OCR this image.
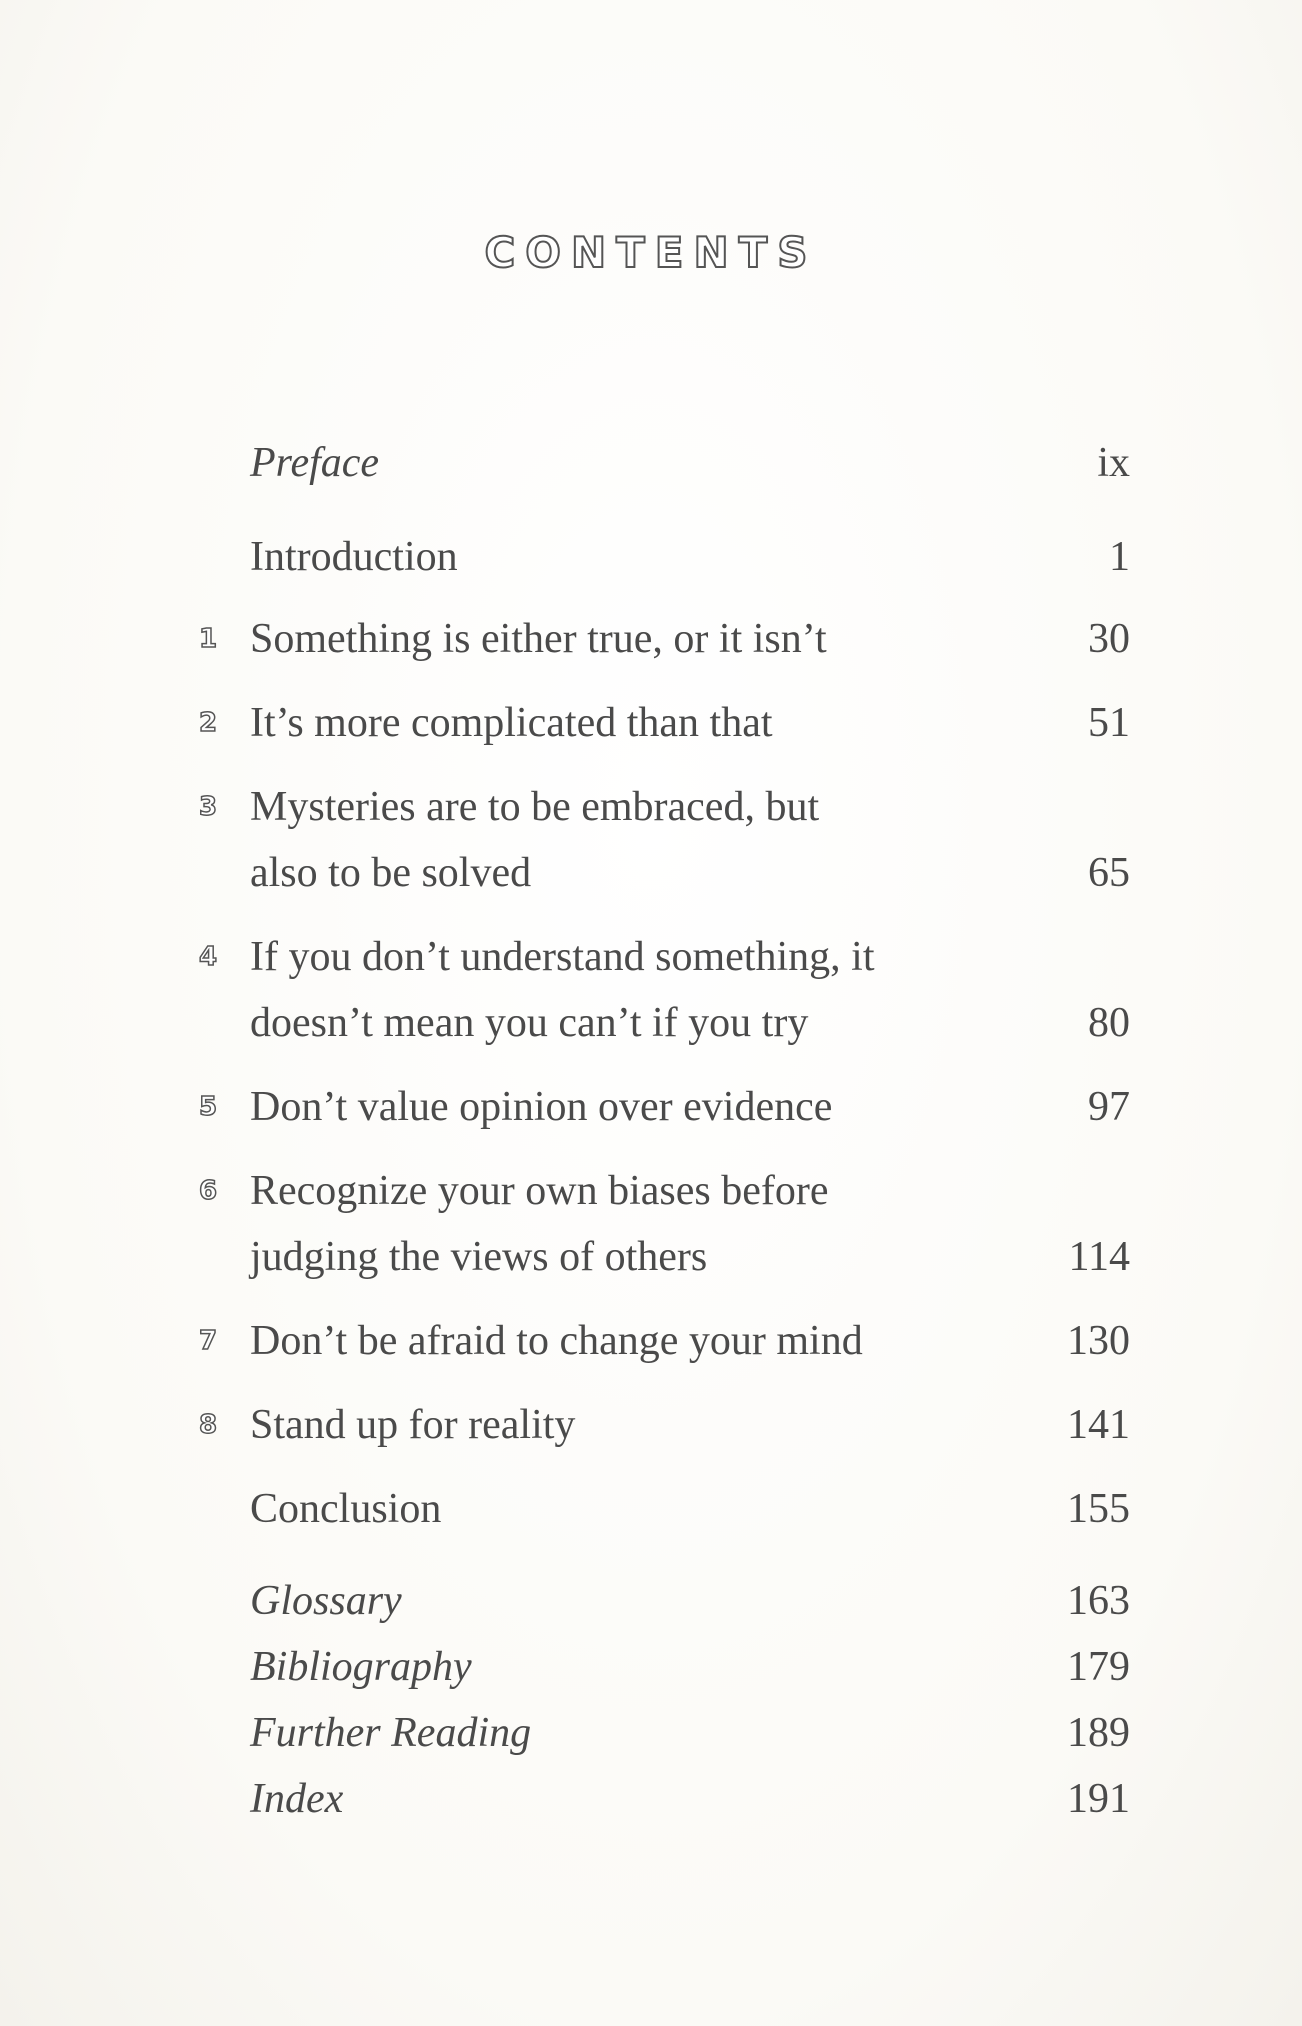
CONTENTS
Preface	ix
Introduction	1
1 Something is either true, or it isn’t	30
2 It’s more complicated than that	51
3 Mysteries are to be embraced, but also to be solved	65
4 If you don’t understand something, it doesn’t mean you can’t if you try	80
5 Don’t value opinion over evidence	97
6 Recognize your own biases before judging the views of others	114
7 Don’t be afraid to change your mind	130
8 Stand up for reality	141
Conclusion	155
Glossary	163
Bibliography	179
Further Reading	189
Index	191
